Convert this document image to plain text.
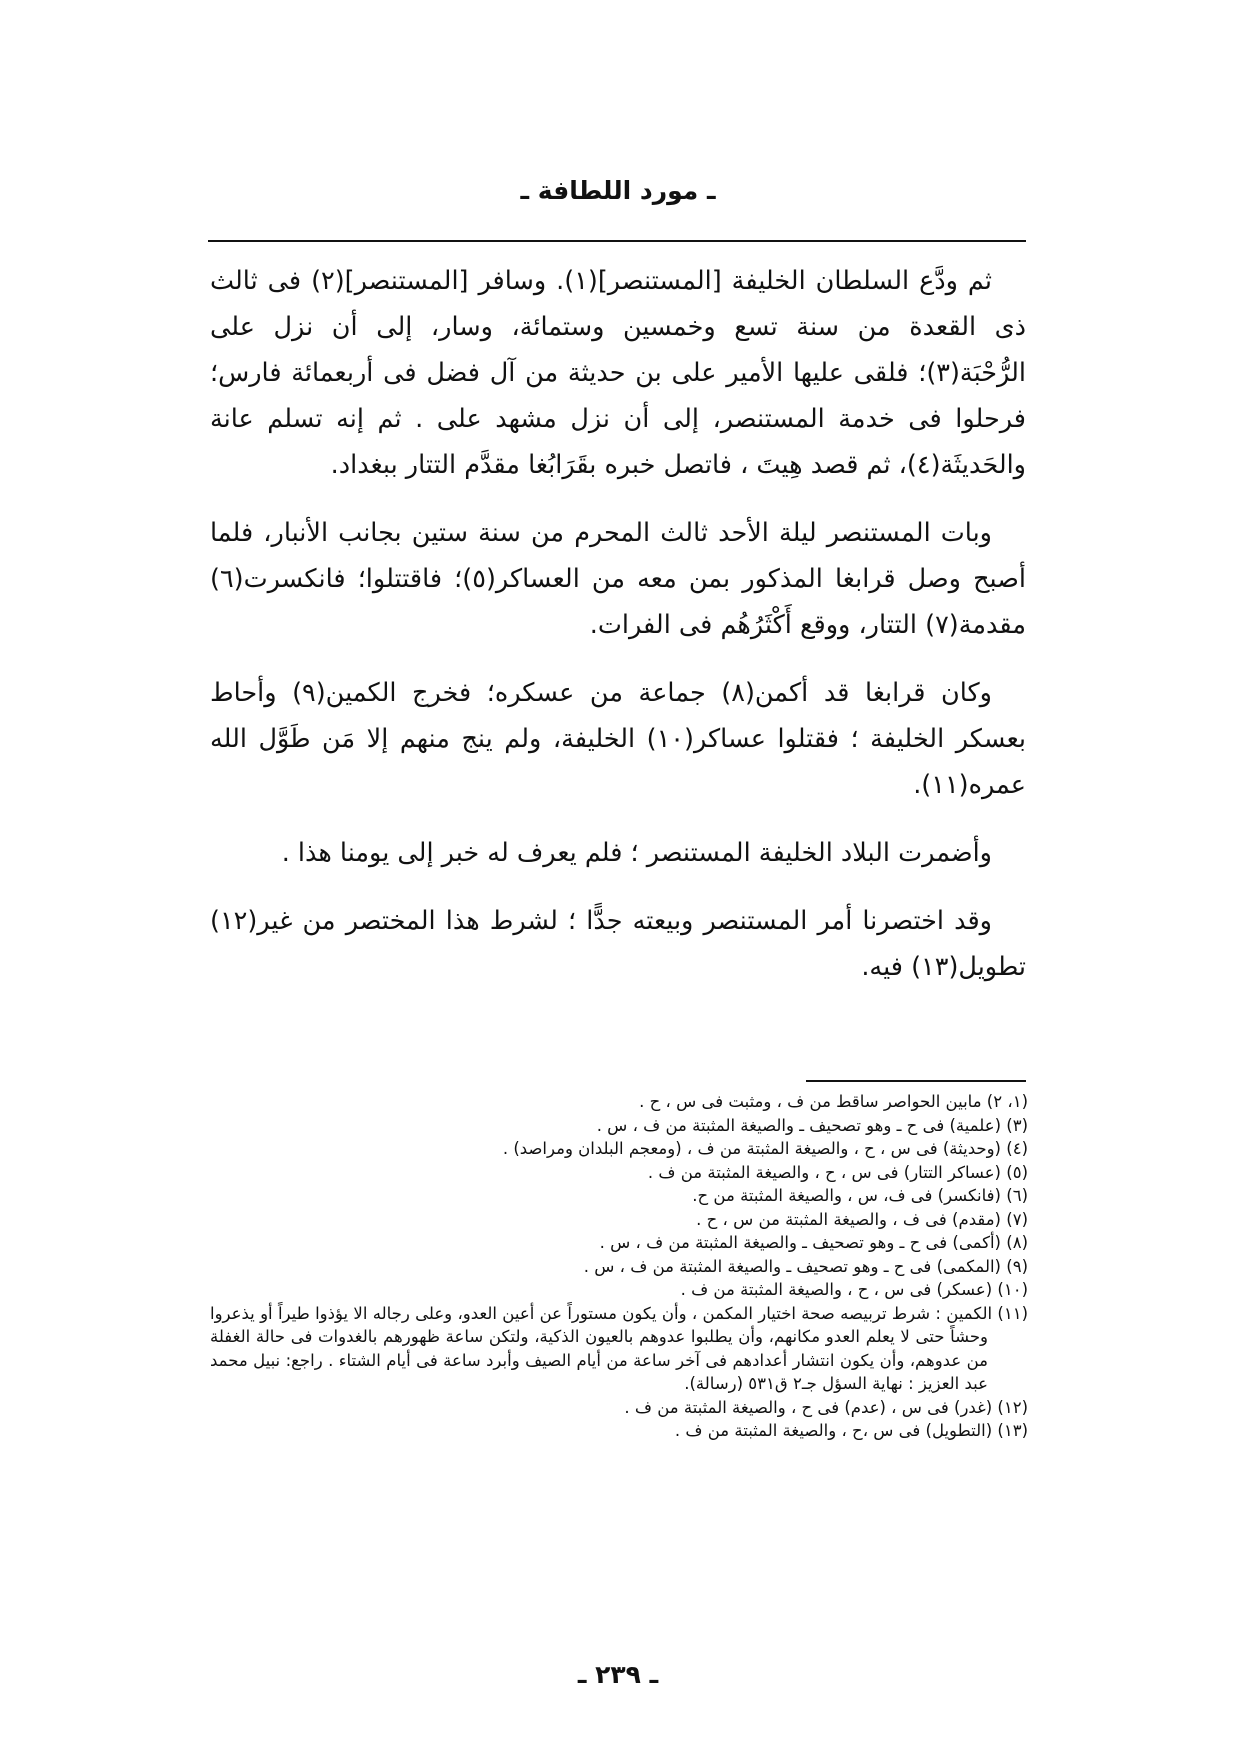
ـ مورد اللطافة ـ

ثم ودَّع السلطان الخليفة [المستنصر](١). وسافر [المستنصر](٢) فى ثالث ذى القعدة من سنة تسع وخمسين وستمائة، وسار، إلى أن نزل على الرُّحْبَة(٣)؛ فلقى عليها الأمير على بن حديثة من آل فضل فى أربعمائة فارس؛ فرحلوا فى خدمة المستنصر، إلى أن نزل مشهد على . ثم إنه تسلم عانة والحَديثَة(٤)، ثم قصد هِيتَ ، فاتصل خبره بقَرَابُغا مقدَّم التتار ببغداد.

وبات المستنصر ليلة الأحد ثالث المحرم من سنة ستين بجانب الأنبار، فلما أصبح وصل قرابغا المذكور بمن معه من العساكر(٥)؛ فاقتتلوا؛ فانكسرت(٦) مقدمة(٧) التتار، ووقع أَكْثَرُهُم فى الفرات.

وكان قرابغا قد أكمن(٨) جماعة من عسكره؛ فخرج الكمين(٩) وأحاط بعسكر الخليفة ؛ فقتلوا عساكر(١٠) الخليفة، ولم ينج منهم إلا مَن طَوَّل الله عمره(١١).

وأضمرت البلاد الخليفة المستنصر ؛ فلم يعرف له خبر إلى يومنا هذا .

وقد اختصرنا أمر المستنصر وبيعته جدًّا ؛ لشرط هذا المختصر من غير(١٢) تطويل(١٣) فيه.

(١، ٢) مابين الحواصر ساقط من ف ، ومثبت فى س ، ح .

(٣) (علمية) فى ح ـ وهو تصحيف ـ والصيغة المثبتة من ف ، س .

(٤) (وحديثة) فى س ، ح ، والصيغة المثبتة من ف ، (ومعجم البلدان ومراصد) .

(٥) (عساكر التتار) فى س ، ح ، والصيغة المثبتة من ف .

(٦) (فانكسر) فى ف، س ، والصيغة المثبتة من ح.

(٧) (مقدم) فى ف ، والصيغة المثبتة من س ، ح .

(٨) (أكمى) فى ح ـ وهو تصحيف ـ والصيغة المثبتة من ف ، س .

(٩) (المكمى) فى ح ـ وهو تصحيف ـ والصيغة المثبتة من ف ، س .

(١٠) (عسكر) فى س ، ح ، والصيغة المثبتة من ف .

(١١) الكمين : شرط تربيصه صحة اختيار المكمن ، وأن يكون مستوراً عن أعين العدو، وعلى رجاله الا يؤذوا طيراً أو يذعروا وحشاً حتى لا يعلم العدو مكانهم، وأن يطلبوا عدوهم بالعيون الذكية، ولتكن ساعة ظهورهم بالغدوات فى حالة الغفلة من عدوهم، وأن يكون انتشار أعدادهم فى آخر ساعة من أيام الصيف وأبرد ساعة فى أيام الشتاء . راجع: نبيل محمد عبد العزيز : نهاية السؤل جـ٢ ق٥٣١ (رسالة).

(١٢) (غدر) فى س ، (عدم) فى ح ، والصيغة المثبتة من ف .

(١٣) (التطويل) فى س ،ح ، والصيغة المثبتة من ف .

ـ ٢٣٩ ـ
